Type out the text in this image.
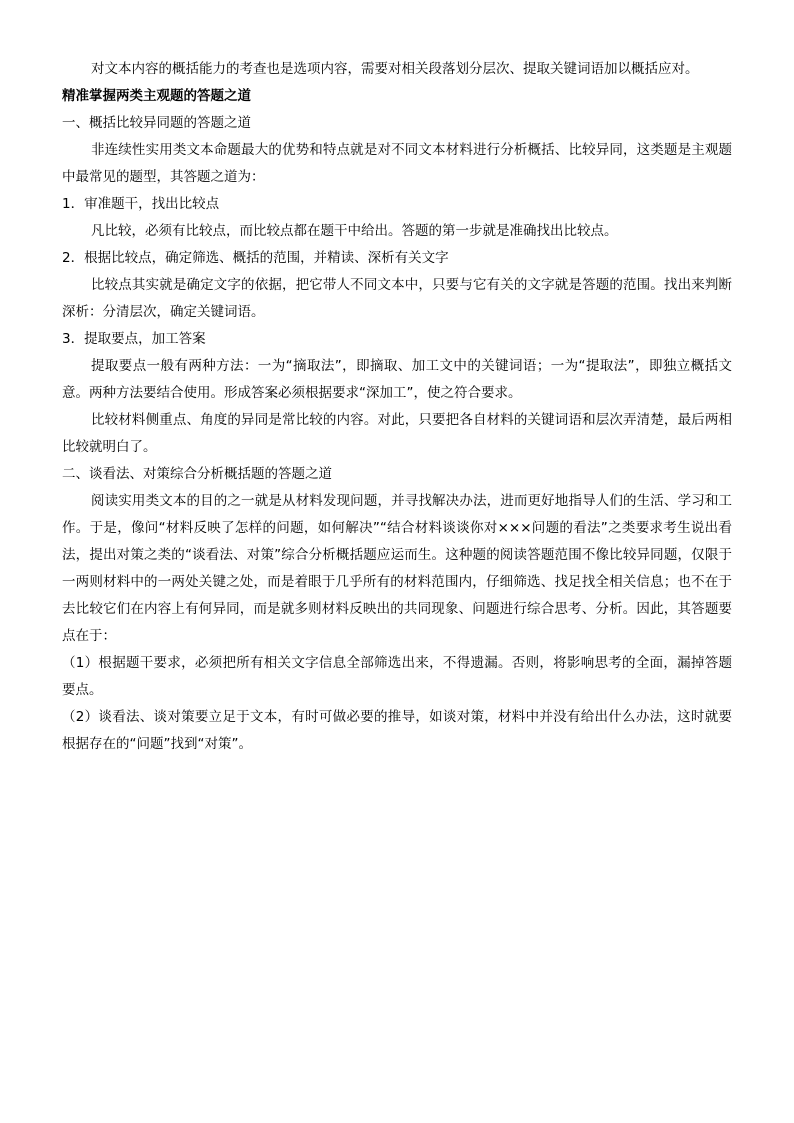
对文本内容的概括能力的考查也是选项内容，需要对相关段落划分层次、提取关键词语加以概括应对。

精准掌握两类主观题的答题之道

一、概括比较异同题的答题之道

非连续性实用类文本命题最大的优势和特点就是对不同文本材料进行分析概括、比较异同，这类题是主观题中最常见的题型，其答题之道为：

1．审准题干，找出比较点

凡比较，必须有比较点，而比较点都在题干中给出。答题的第一步就是准确找出比较点。

2．根据比较点，确定筛选、概括的范围，并精读、深析有关文字

比较点其实就是确定文字的依据，把它带人不同文本中，只要与它有关的文字就是答题的范围。找出来判断深析：分清层次，确定关键词语。

3．提取要点，加工答案

提取要点一般有两种方法：一为“摘取法”，即摘取、加工文中的关键词语；一为“提取法”，即独立概括文意。两种方法要结合使用。形成答案必须根据要求“深加工”，使之符合要求。

比较材料侧重点、角度的异同是常比较的内容。对此，只要把各自材料的关键词语和层次弄清楚，最后两相比较就明白了。

二、谈看法、对策综合分析概括题的答题之道

阅读实用类文本的目的之一就是从材料发现问题，并寻找解决办法，进而更好地指导人们的生活、学习和工作。于是，像问“材料反映了怎样的问题，如何解决”“结合材料谈谈你对×××问题的看法”之类要求考生说出看法，提出对策之类的“谈看法、对策”综合分析概括题应运而生。这种题的阅读答题范围不像比较异同题，仅限于一两则材料中的一两处关键之处，而是着眼于几乎所有的材料范围内，仔细筛选、找足找全相关信息；也不在于去比较它们在内容上有何异同，而是就多则材料反映出的共同现象、问题进行综合思考、分析。因此，其答题要点在于：

（1）根据题干要求，必须把所有相关文字信息全部筛选出来，不得遗漏。否则，将影响思考的全面，漏掉答题要点。

（2）谈看法、谈对策要立足于文本，有时可做必要的推导，如谈对策，材料中并没有给出什么办法，这时就要根据存在的“问题”找到“对策”。
